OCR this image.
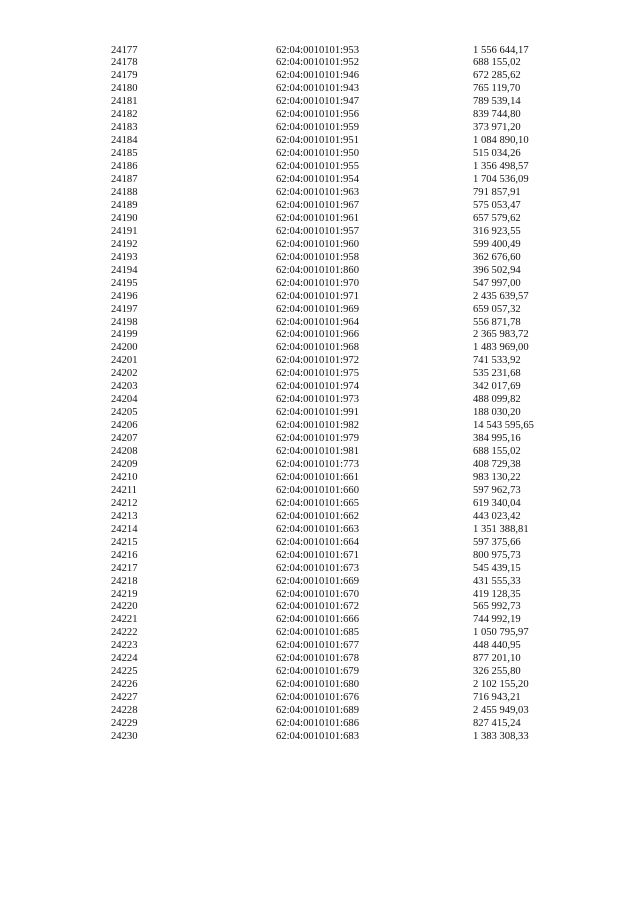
24177	62:04:0010101:953	1 556 644,17
24178	62:04:0010101:952	688 155,02
24179	62:04:0010101:946	672 285,62
24180	62:04:0010101:943	765 119,70
24181	62:04:0010101:947	789 539,14
24182	62:04:0010101:956	839 744,80
24183	62:04:0010101:959	373 971,20
24184	62:04:0010101:951	1 084 890,10
24185	62:04:0010101:950	515 034,26
24186	62:04:0010101:955	1 356 498,57
24187	62:04:0010101:954	1 704 536,09
24188	62:04:0010101:963	791 857,91
24189	62:04:0010101:967	575 053,47
24190	62:04:0010101:961	657 579,62
24191	62:04:0010101:957	316 923,55
24192	62:04:0010101:960	599 400,49
24193	62:04:0010101:958	362 676,60
24194	62:04:0010101:860	396 502,94
24195	62:04:0010101:970	547 997,00
24196	62:04:0010101:971	2 435 639,57
24197	62:04:0010101:969	659 057,32
24198	62:04:0010101:964	556 871,78
24199	62:04:0010101:966	2 365 983,72
24200	62:04:0010101:968	1 483 969,00
24201	62:04:0010101:972	741 533,92
24202	62:04:0010101:975	535 231,68
24203	62:04:0010101:974	342 017,69
24204	62:04:0010101:973	488 099,82
24205	62:04:0010101:991	188 030,20
24206	62:04:0010101:982	14 543 595,65
24207	62:04:0010101:979	384 995,16
24208	62:04:0010101:981	688 155,02
24209	62:04:0010101:773	408 729,38
24210	62:04:0010101:661	983 130,22
24211	62:04:0010101:660	597 962,73
24212	62:04:0010101:665	619 340,04
24213	62:04:0010101:662	443 023,42
24214	62:04:0010101:663	1 351 388,81
24215	62:04:0010101:664	597 375,66
24216	62:04:0010101:671	800 975,73
24217	62:04:0010101:673	545 439,15
24218	62:04:0010101:669	431 555,33
24219	62:04:0010101:670	419 128,35
24220	62:04:0010101:672	565 992,73
24221	62:04:0010101:666	744 992,19
24222	62:04:0010101:685	1 050 795,97
24223	62:04:0010101:677	448 440,95
24224	62:04:0010101:678	877 201,10
24225	62:04:0010101:679	326 255,80
24226	62:04:0010101:680	2 102 155,20
24227	62:04:0010101:676	716 943,21
24228	62:04:0010101:689	2 455 949,03
24229	62:04:0010101:686	827 415,24
24230	62:04:0010101:683	1 383 308,33
